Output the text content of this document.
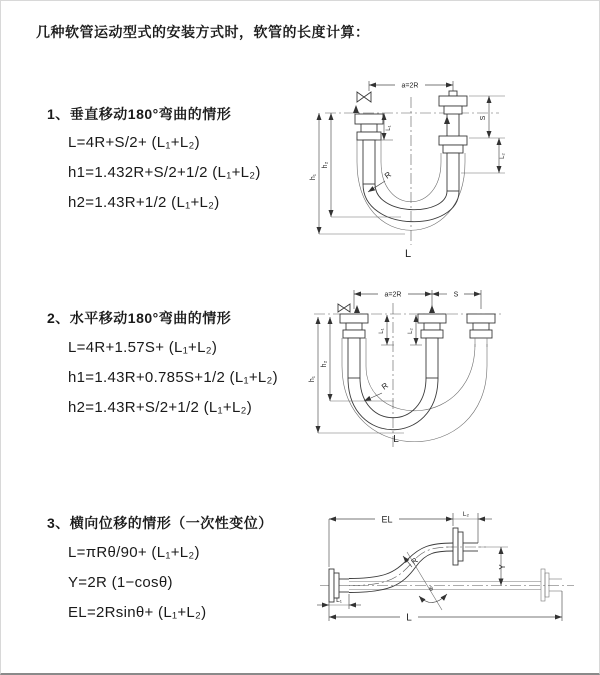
几种软管运动型式的安装方式时，软管的长度计算：
1、垂直移动180°弯曲的情形
L=4R+S/2+ (L₁+L₂)
h1=1.432R+S/2+1/2 (L₁+L₂)
h2=1.43R+1/2 (L₁+L₂)
a=2R
h₁
h₂
L₁
S
L₂
R
L
2、水平移动180°弯曲的情形
L=4R+1.57S+ (L₁+L₂)
h1=1.43R+0.785S+1/2 (L₁+L₂)
h2=1.43R+S/2+1/2 (L₁+L₂)
a=2R	S
L₁	L₂
h₁
h₂
R
L
3、横向位移的情形（一次性变位）
L=πRθ/90+ (L₁+L₂)
Y=2R (1−cosθ)
EL=2Rsinθ+ (L₁+L₂)
EL	L₂
Y
R
θ
L₁
L
